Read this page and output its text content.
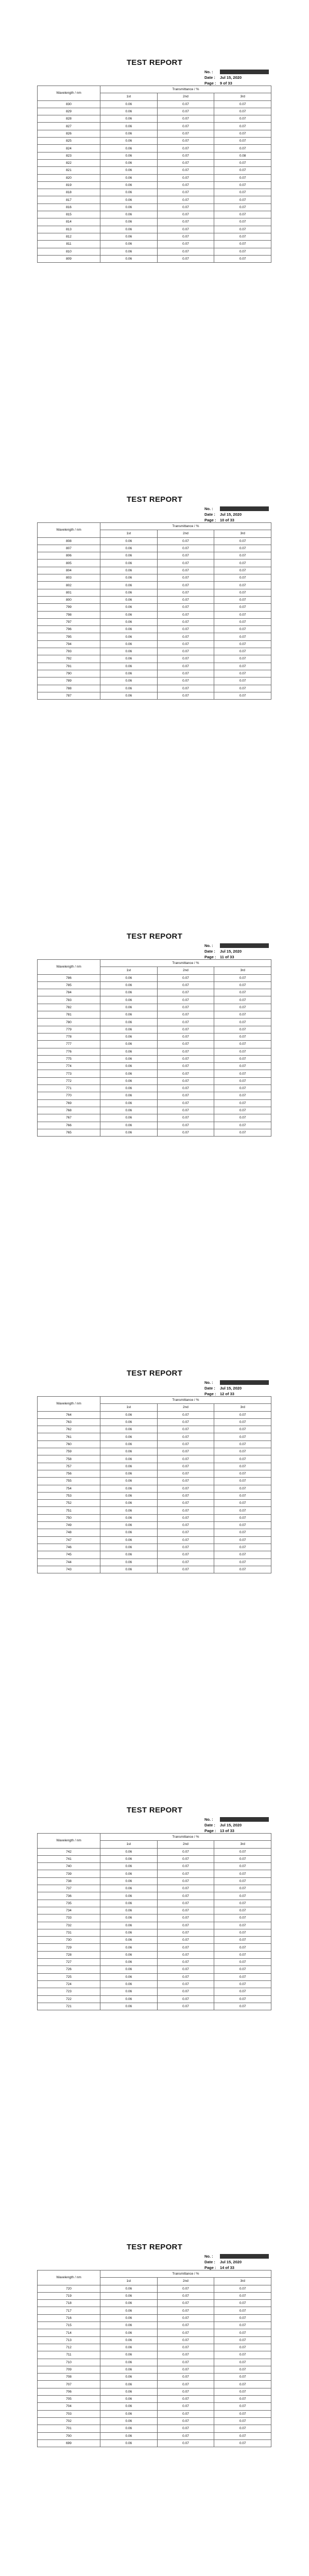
TEST REPORT
No. :
Date :	Jul 15, 2020
Page : 9 of 33
Wavelength / nm	Transmittance / %		
	1st	2nd	3rd
830	0.06	0.07	0.07
829	0.06	0.07	0.07
828	0.06	0.07	0.07
827	0.06	0.07	0.07
826	0.06	0.07	0.07
825	0.06	0.07	0.07
824	0.06	0.07	0.07
823	0.06	0.07	0.08
822	0.06	0.07	0.07
821	0.06	0.07	0.07
820	0.06	0.07	0.07
819	0.06	0.07	0.07
818	0.06	0.07	0.07
817	0.06	0.07	0.07
816	0.06	0.07	0.07
815	0.06	0.07	0.07
814	0.06	0.07	0.07
813	0.06	0.07	0.07
812	0.06	0.07	0.07
811	0.06	0.07	0.07
810	0.06	0.07	0.07
809	0.06	0.07	0.07
TEST REPORT
No. :
Date :	Jul 15, 2020
Page : 10 of 33
Wavelength / nm	Transmittance / %		
	1st	2nd	3rd
808	0.06	0.07	0.07
807	0.06	0.07	0.07
806	0.06	0.07	0.07
805	0.06	0.07	0.07
804	0.06	0.07	0.07
803	0.06	0.07	0.07
802	0.06	0.07	0.07
801	0.06	0.07	0.07
800	0.06	0.07	0.07
799	0.06	0.07	0.07
798	0.06	0.07	0.07
797	0.06	0.07	0.07
796	0.06	0.07	0.07
795	0.06	0.07	0.07
794	0.06	0.07	0.07
793	0.06	0.07	0.07
792	0.06	0.07	0.07
791	0.06	0.07	0.07
790	0.06	0.07	0.07
789	0.06	0.07	0.07
788	0.06	0.07	0.07
787	0.06	0.07	0.07
TEST REPORT
No. :
Date :	Jul 15, 2020
Page : 11 of 33
Wavelength / nm	Transmittance / %		
	1st	2nd	3rd
786	0.06	0.07	0.07
785	0.06	0.07	0.07
784	0.06	0.07	0.07
783	0.06	0.07	0.07
782	0.06	0.07	0.07
781	0.06	0.07	0.07
780	0.06	0.07	0.07
779	0.06	0.07	0.07
778	0.06	0.07	0.07
777	0.06	0.07	0.07
776	0.06	0.07	0.07
775	0.06	0.07	0.07
774	0.06	0.07	0.07
773	0.06	0.07	0.07
772	0.06	0.07	0.07
771	0.06	0.07	0.07
770	0.06	0.07	0.07
769	0.06	0.07	0.07
768	0.06	0.07	0.07
767	0.06	0.07	0.07
766	0.06	0.07	0.07
765	0.06	0.07	0.07
TEST REPORT
No. :
Date :	Jul 15, 2020
Page : 12 of 33
Wavelength / nm	Transmittance / %		
	1st	2nd	3rd
764	0.06	0.07	0.07
763	0.06	0.07	0.07
762	0.06	0.07	0.07
761	0.06	0.07	0.07
760	0.06	0.07	0.07
759	0.06	0.07	0.07
758	0.06	0.07	0.07
757	0.06	0.07	0.07
756	0.06	0.07	0.07
755	0.06	0.07	0.07
754	0.06	0.07	0.07
753	0.06	0.07	0.07
752	0.06	0.07	0.07
751	0.06	0.07	0.07
750	0.06	0.07	0.07
749	0.06	0.07	0.07
748	0.06	0.07	0.07
747	0.06	0.07	0.07
746	0.06	0.07	0.07
745	0.06	0.07	0.07
744	0.06	0.07	0.07
743	0.06	0.07	0.07
TEST REPORT
No. :
Date :	Jul 15, 2020
Page : 13 of 33
Wavelength / nm	Transmittance / %		
	1st	2nd	3rd
742	0.06	0.07	0.07
741	0.06	0.07	0.07
740	0.06	0.07	0.07
739	0.06	0.07	0.07
738	0.06	0.07	0.07
737	0.06	0.07	0.07
736	0.06	0.07	0.07
735	0.06	0.07	0.07
734	0.06	0.07	0.07
733	0.06	0.07	0.07
732	0.06	0.07	0.07
731	0.06	0.07	0.07
730	0.06	0.07	0.07
729	0.06	0.07	0.07
728	0.06	0.07	0.07
727	0.06	0.07	0.07
726	0.06	0.07	0.07
725	0.06	0.07	0.07
724	0.06	0.07	0.07
723	0.06	0.07	0.07
722	0.06	0.07	0.07
721	0.06	0.07	0.07
TEST REPORT
No. :
Date :	Jul 15, 2020
Page : 14 of 33
Wavelength / nm	Transmittance / %		
	1st	2nd	3rd
720	0.06	0.07	0.07
719	0.06	0.07	0.07
718	0.06	0.07	0.07
717	0.06	0.07	0.07
716	0.06	0.07	0.07
715	0.06	0.07	0.07
714	0.06	0.07	0.07
713	0.06	0.07	0.07
712	0.06	0.07	0.07
711	0.06	0.07	0.07
710	0.06	0.07	0.07
709	0.06	0.07	0.07
708	0.06	0.07	0.07
707	0.06	0.07	0.07
706	0.06	0.07	0.07
705	0.06	0.07	0.07
704	0.06	0.07	0.07
703	0.06	0.07	0.07
702	0.06	0.07	0.07
701	0.06	0.07	0.07
700	0.06	0.07	0.07
699	0.06	0.07	0.07
